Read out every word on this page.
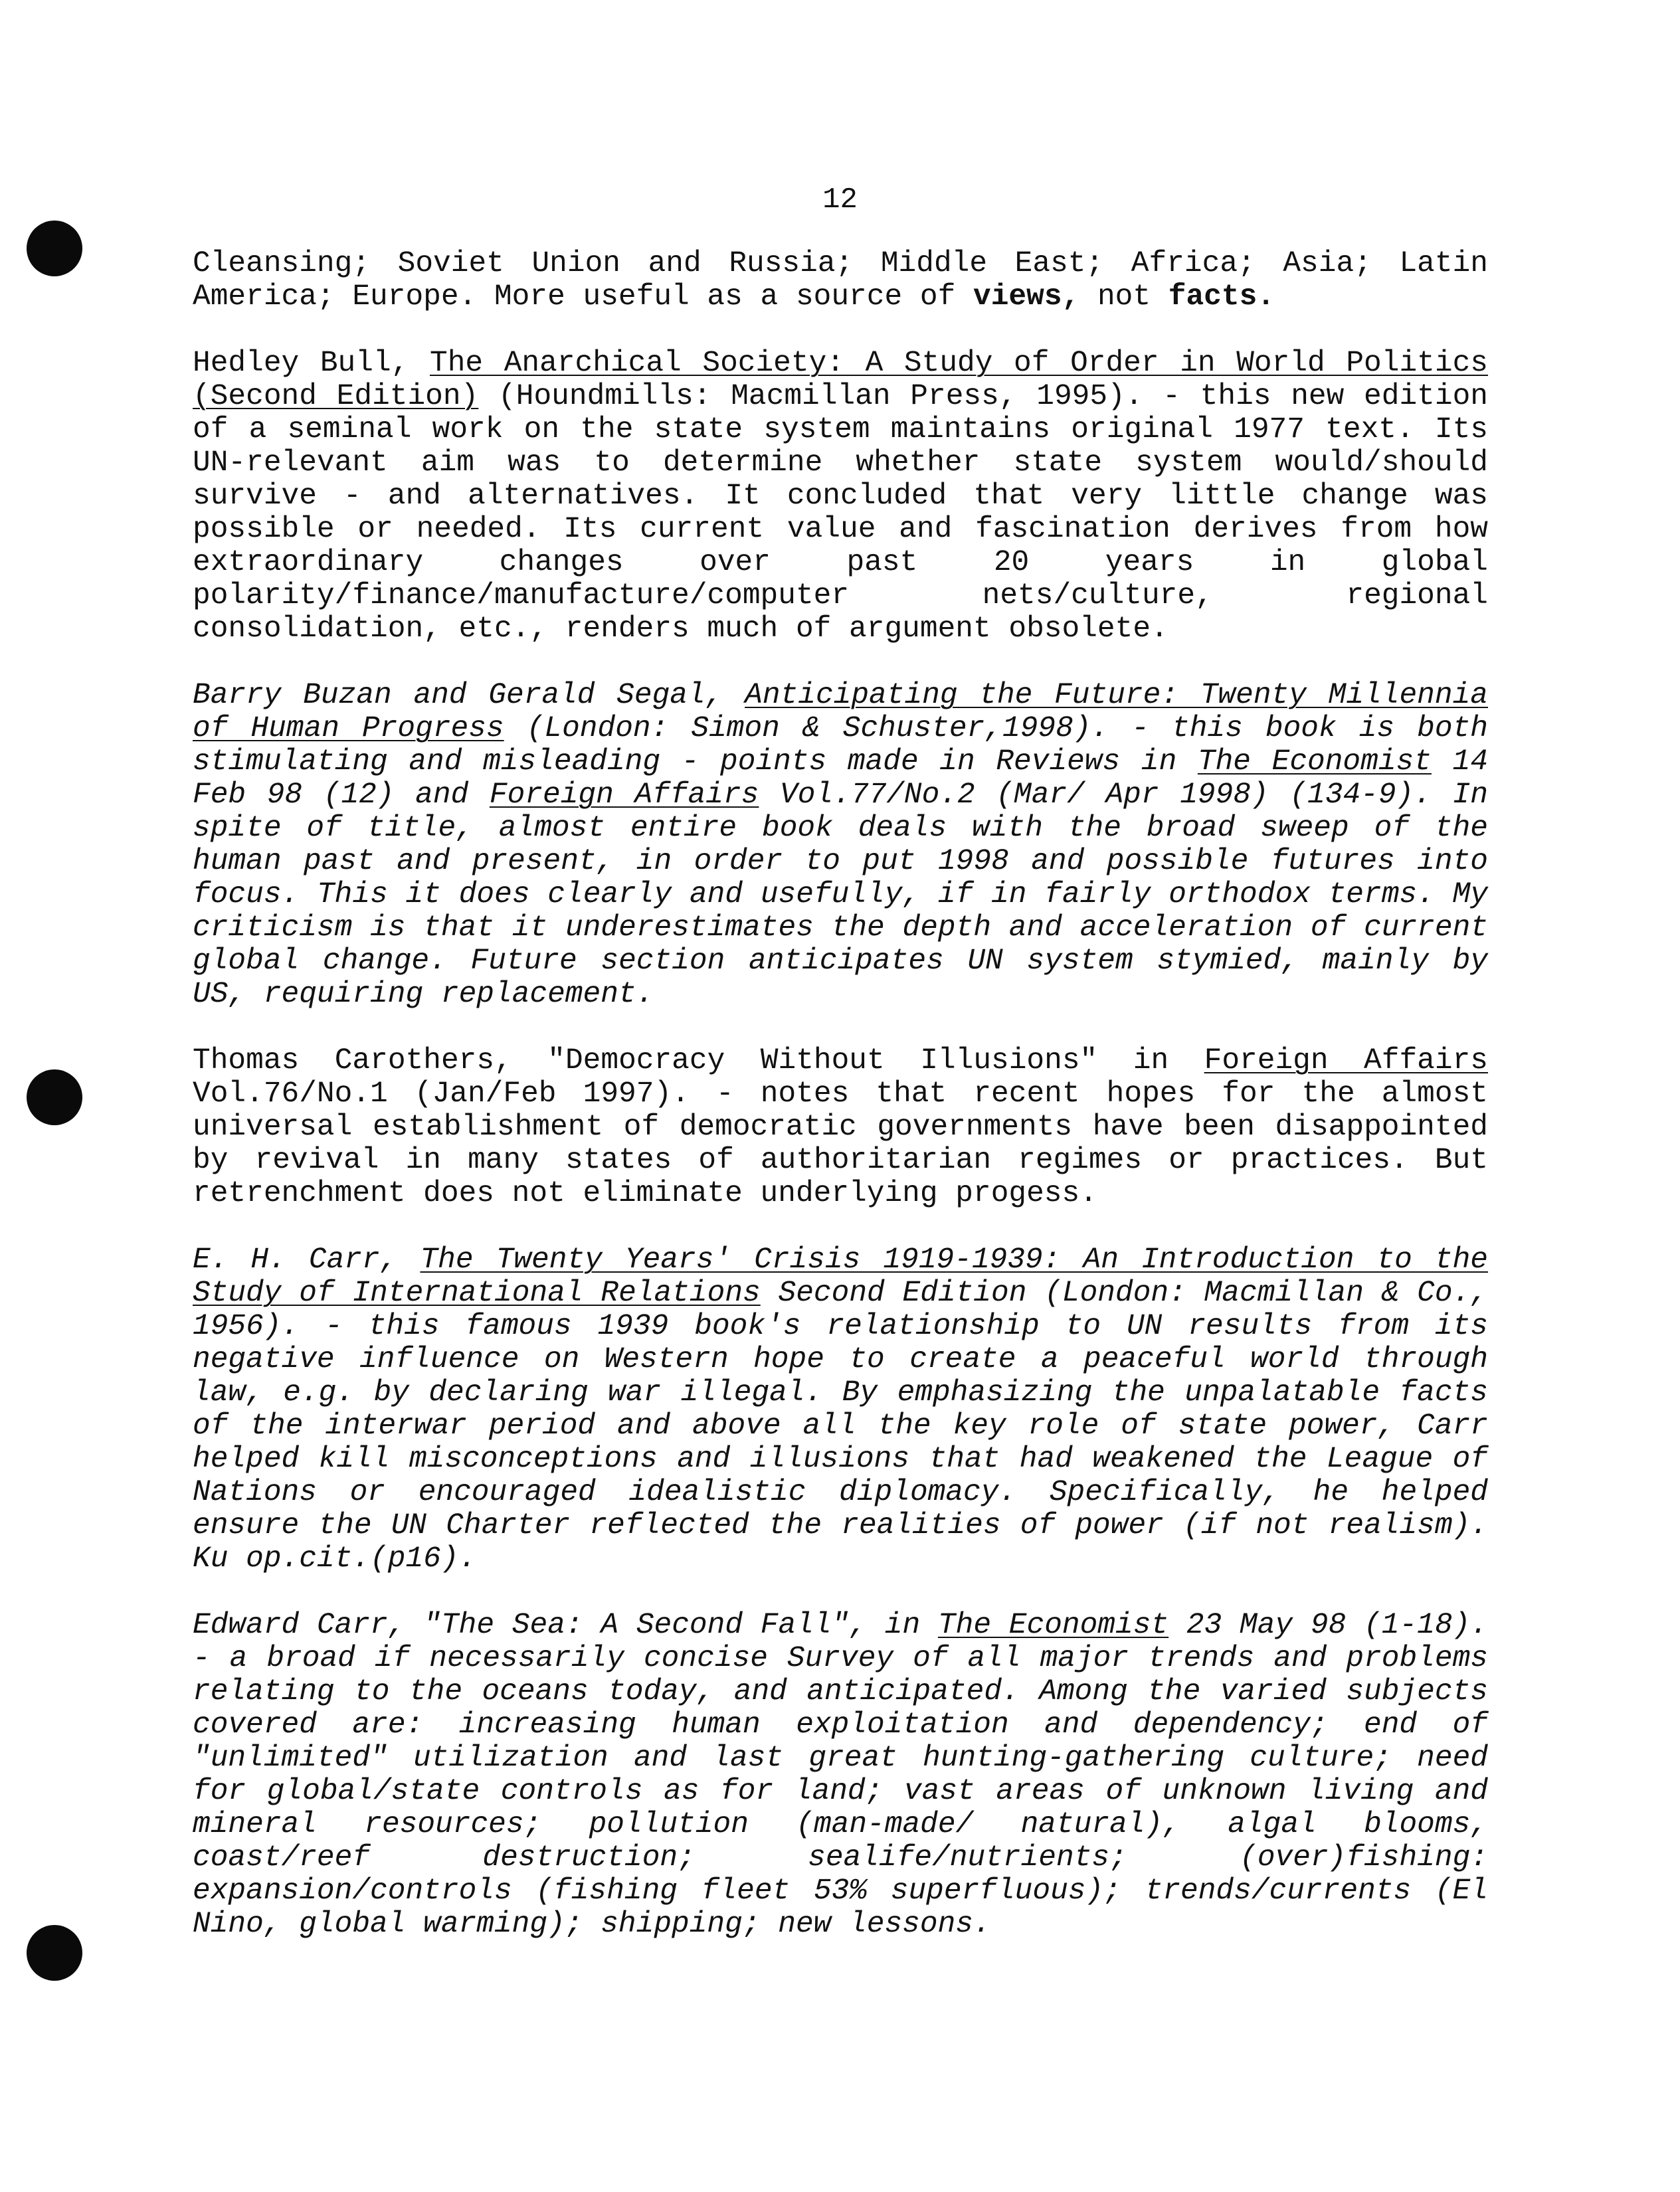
12

Cleansing; Soviet Union and Russia; Middle East; Africa; Asia; Latin America; Europe. More useful as a source of views, not facts.

Hedley Bull, The Anarchical Society: A Study of Order in World Politics (Second Edition) (Houndmills: Macmillan Press, 1995). - this new edition of a seminal work on the state system maintains original 1977 text. Its UN-relevant aim was to determine whether state system would/should survive - and alternatives. It concluded that very little change was possible or needed. Its current value and fascination derives from how extraordinary changes over past 20 years in global polarity/finance/manufacture/computer nets/culture, regional consolidation, etc., renders much of argument obsolete.

Barry Buzan and Gerald Segal, Anticipating the Future: Twenty Millennia of Human Progress (London: Simon & Schuster,1998). - this book is both stimulating and misleading - points made in Reviews in The Economist 14 Feb 98 (12) and Foreign Affairs Vol.77/No.2 (Mar/ Apr 1998) (134-9). In spite of title, almost entire book deals with the broad sweep of the human past and present, in order to put 1998 and possible futures into focus. This it does clearly and usefully, if in fairly orthodox terms. My criticism is that it underestimates the depth and acceleration of current global change. Future section anticipates UN system stymied, mainly by US, requiring replacement.

Thomas Carothers, "Democracy Without Illusions" in Foreign Affairs Vol.76/No.1 (Jan/Feb 1997). - notes that recent hopes for the almost universal establishment of democratic governments have been disappointed by revival in many states of authoritarian regimes or practices. But retrenchment does not eliminate underlying progess.

E. H. Carr, The Twenty Years' Crisis 1919-1939: An Introduction to the Study of International Relations Second Edition (London: Macmillan & Co., 1956). - this famous 1939 book's relationship to UN results from its negative influence on Western hope to create a peaceful world through law, e.g. by declaring war illegal. By emphasizing the unpalatable facts of the interwar period and above all the key role of state power, Carr helped kill misconceptions and illusions that had weakened the League of Nations or encouraged idealistic diplomacy. Specifically, he helped ensure the UN Charter reflected the realities of power (if not realism). Ku op.cit.(p16).

Edward Carr, "The Sea: A Second Fall", in The Economist 23 May 98 (1-18). - a broad if necessarily concise Survey of all major trends and problems relating to the oceans today, and anticipated. Among the varied subjects covered are: increasing human exploitation and dependency; end of "unlimited" utilization and last great hunting-gathering culture; need for global/state controls as for land; vast areas of unknown living and mineral resources; pollution (man-made/ natural), algal blooms, coast/reef destruction; sealife/nutrients; (over)fishing: expansion/controls (fishing fleet 53% superfluous); trends/currents (El Nino, global warming); shipping; new lessons.
